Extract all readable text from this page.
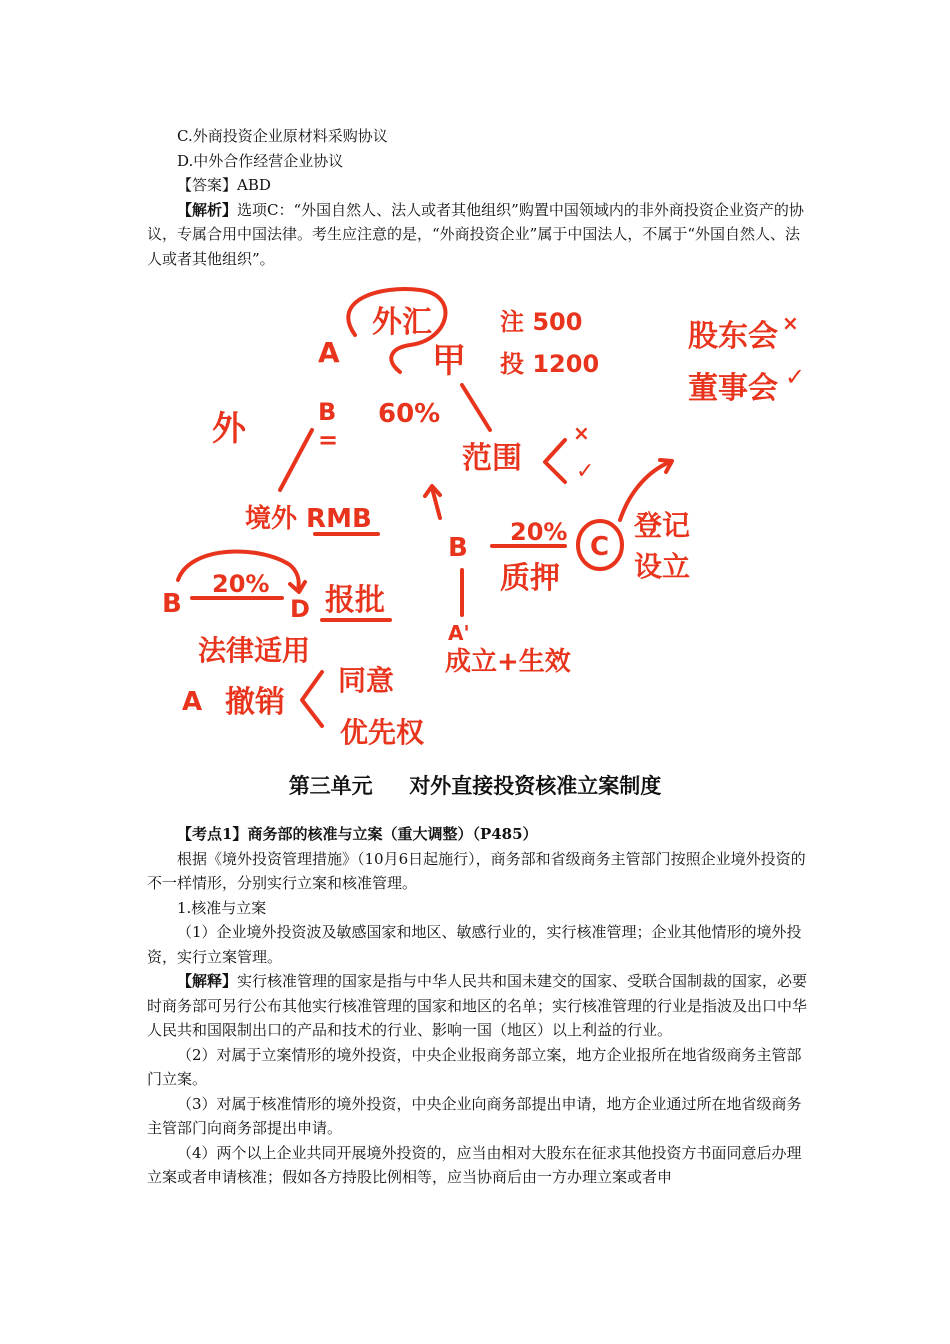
C.外商投资企业原材料采购协议

D.中外合作经营企业协议

【答案】ABD

【解析】选项C：“外国自然人、法人或者其他组织”购置中国领域内的非外商投资企业资产的协议，专属合用中国法律。考生应注意的是，“外商投资企业”属于中国法人，不属于“外国自然人、法人或者其他组织”。

外汇
A	甲
注 500
投 1200
股东会 ×
董事会 ✓
外	B
=
60%
范围
×
✓
境外 RMB
B
20%
质押
C
登记
设立
B
20%
D 报批
A'
成立+生效
法律适用
A 撤销
同意
优先权
第三单元 对外直接投资核准立案制度

【考点1】商务部的核准与立案（重大调整）（P485）

根据《境外投资管理措施》（10月6日起施行），商务部和省级商务主管部门按照企业境外投资的不一样情形，分别实行立案和核准管理。

1.核准与立案

（1）企业境外投资波及敏感国家和地区、敏感行业的，实行核准管理；企业其他情形的境外投资，实行立案管理。

【解释】实行核准管理的国家是指与中华人民共和国未建交的国家、受联合国制裁的国家，必要时商务部可另行公布其他实行核准管理的国家和地区的名单；实行核准管理的行业是指波及出口中华人民共和国限制出口的产品和技术的行业、影响一国（地区）以上利益的行业。

（2）对属于立案情形的境外投资，中央企业报商务部立案，地方企业报所在地省级商务主管部门立案。

（3）对属于核准情形的境外投资，中央企业向商务部提出申请，地方企业通过所在地省级商务主管部门向商务部提出申请。

（4）两个以上企业共同开展境外投资的，应当由相对大股东在征求其他投资方书面同意后办理立案或者申请核准；假如各方持股比例相等，应当协商后由一方办理立案或者申
